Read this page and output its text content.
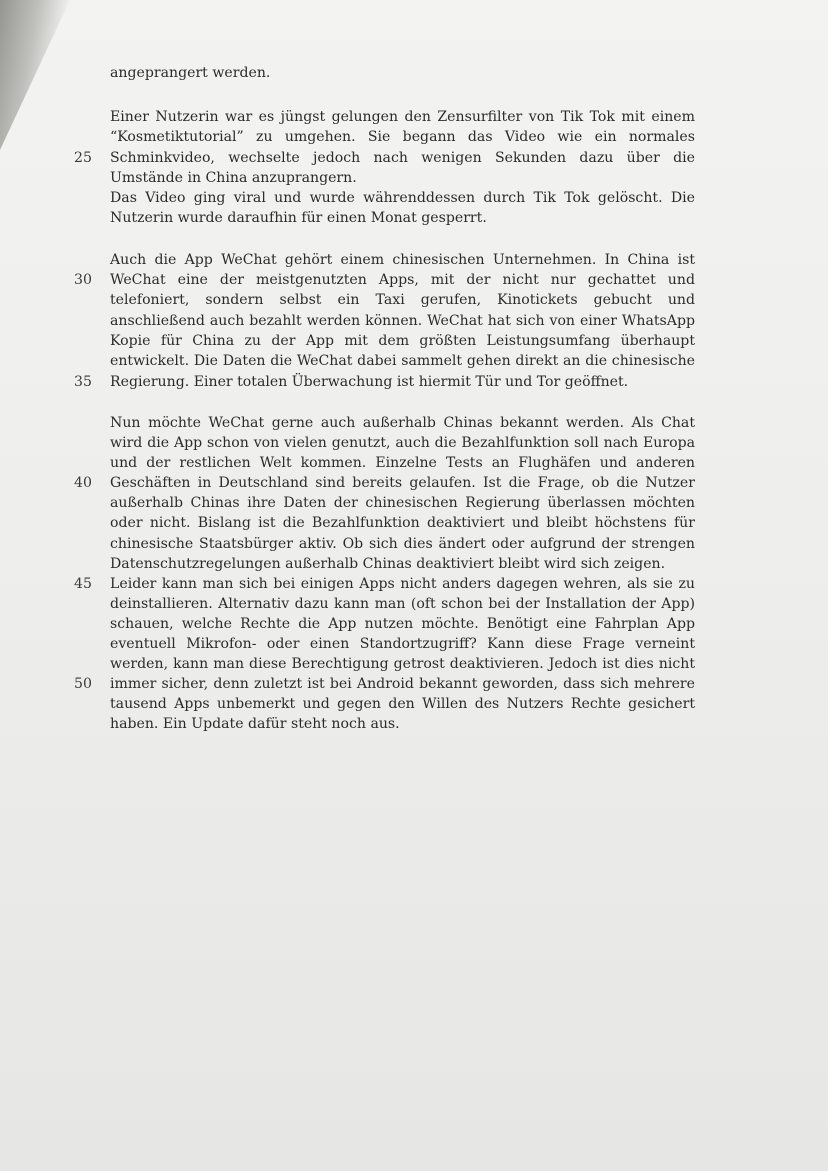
angeprangert werden.
Einer Nutzerin war es jüngst gelungen den Zensurfilter von Tik Tok mit einem
“Kosmetiktutorial” zu umgehen. Sie begann das Video wie ein normales
Schminkvideo, wechselte jedoch nach wenigen Sekunden dazu über die
Umstände in China anzuprangern.
Das Video ging viral und wurde währenddessen durch Tik Tok gelöscht. Die
Nutzerin wurde daraufhin für einen Monat gesperrt.
Auch die App WeChat gehört einem chinesischen Unternehmen. In China ist
WeChat eine der meistgenutzten Apps, mit der nicht nur gechattet und
telefoniert, sondern selbst ein Taxi gerufen, Kinotickets gebucht und
anschließend auch bezahlt werden können. WeChat hat sich von einer WhatsApp
Kopie für China zu der App mit dem größten Leistungsumfang überhaupt
entwickelt. Die Daten die WeChat dabei sammelt gehen direkt an die chinesische
Regierung. Einer totalen Überwachung ist hiermit Tür und Tor geöffnet.
Nun möchte WeChat gerne auch außerhalb Chinas bekannt werden. Als Chat
wird die App schon von vielen genutzt, auch die Bezahlfunktion soll nach Europa
und der restlichen Welt kommen. Einzelne Tests an Flughäfen und anderen
Geschäften in Deutschland sind bereits gelaufen. Ist die Frage, ob die Nutzer
außerhalb Chinas ihre Daten der chinesischen Regierung überlassen möchten
oder nicht. Bislang ist die Bezahlfunktion deaktiviert und bleibt höchstens für
chinesische Staatsbürger aktiv. Ob sich dies ändert oder aufgrund der strengen
Datenschutzregelungen außerhalb Chinas deaktiviert bleibt wird sich zeigen.
Leider kann man sich bei einigen Apps nicht anders dagegen wehren, als sie zu
deinstallieren. Alternativ dazu kann man (oft schon bei der Installation der App)
schauen, welche Rechte die App nutzen möchte. Benötigt eine Fahrplan App
eventuell Mikrofon- oder einen Standortzugriff? Kann diese Frage verneint
werden, kann man diese Berechtigung getrost deaktivieren. Jedoch ist dies nicht
immer sicher, denn zuletzt ist bei Android bekannt geworden, dass sich mehrere
tausend Apps unbemerkt und gegen den Willen des Nutzers Rechte gesichert
haben. Ein Update dafür steht noch aus.
25
30
35
40
45
50
